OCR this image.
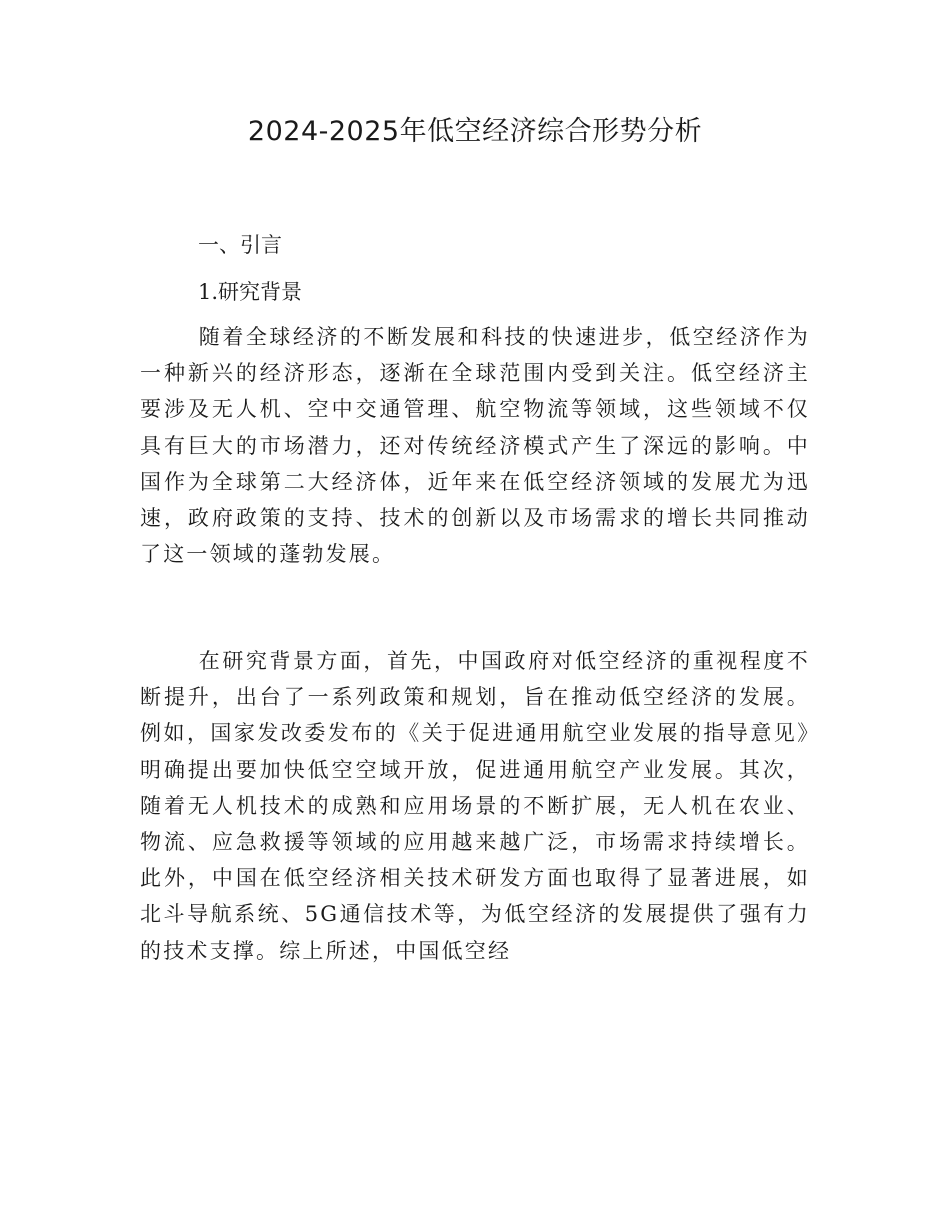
2024-2025年低空经济综合形势分析
一、引言
1.研究背景

随着全球经济的不断发展和科技的快速进步，低空经济作为一种新兴的经济形态，逐渐在全球范围内受到关注。低空经济主要涉及无人机、空中交通管理、航空物流等领域，这些领域不仅具有巨大的市场潜力，还对传统经济模式产生了深远的影响。中国作为全球第二大经济体，近年来在低空经济领域的发展尤为迅速，政府政策的支持、技术的创新以及市场需求的增长共同推动了这一领域的蓬勃发展。

在研究背景方面，首先，中国政府对低空经济的重视程度不断提升，出台了一系列政策和规划，旨在推动低空经济的发展。例如，国家发改委发布的《关于促进通用航空业发展的指导意见》明确提出要加快低空空域开放，促进通用航空产业发展。其次，随着无人机技术的成熟和应用场景的不断扩展，无人机在农业、物流、应急救援等领域的应用越来越广泛，市场需求持续增长。此外，中国在低空经济相关技术研发方面也取得了显著进展，如北斗导航系统、5G通信技术等，为低空经济的发展提供了强有力的技术支撑。综上所述，中国低空经
